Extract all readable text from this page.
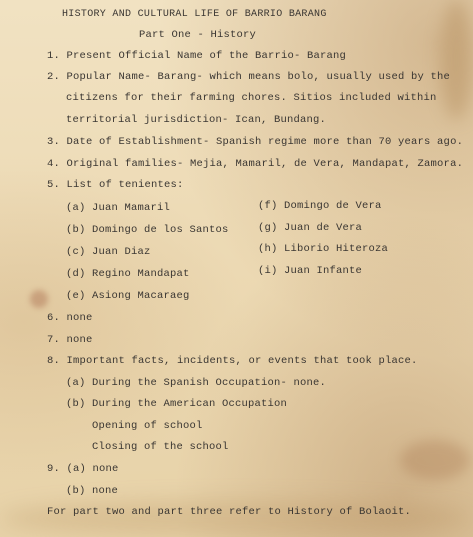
HISTORY AND CULTURAL LIFE OF BARRIO BARANG
Part One - History
1. Present Official Name of the Barrio- Barang
2. Popular Name- Barang- which means bolo, usually used by the
citizens for their farming chores. Sitios included within
territorial jurisdiction- Ican, Bundang.
3. Date of Establishment- Spanish regime more than 70 years ago.
4. Original families- Mejia, Mamaril, de Vera, Mandapat, Zamora.
5. List of tenientes:
(a) Juan Mamaril
(b) Domingo de los Santos
(c) Juan Diaz
(d) Regino Mandapat
(e) Asiong Macaraeg
(f) Domingo de Vera
(g) Juan de Vera
(h) Liborio Hiteroza
(i) Juan Infante
6. none
7. none
8. Important facts, incidents, or events that took place.
(a) During the Spanish Occupation- none.
(b) During the American Occupation
Opening of school
Closing of the school
9. (a) none
(b) none
For part two and part three refer to History of Bolaoit.
